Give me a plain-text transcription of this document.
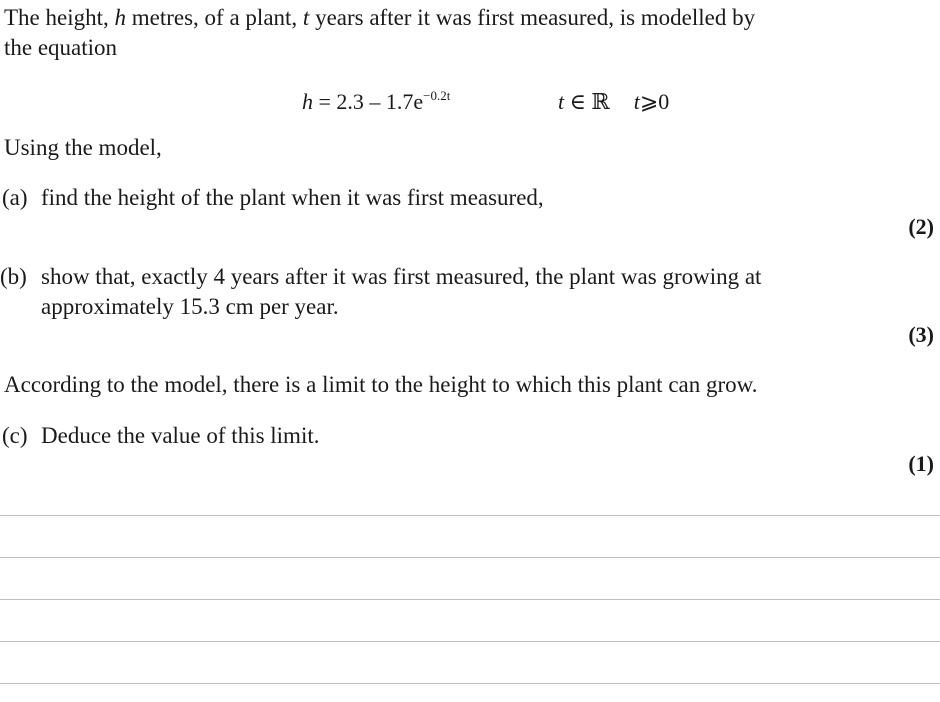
The height, h metres, of a plant, t years after it was first measured, is modelled by
the equation
$h = 2.3 - 1.7e^{-0.2t}$	t ∈ ℝ t⩾0
Using the model,
(a) find the height of the plant when it was first measured,
(2)
(b) show that, exactly 4 years after it was first measured, the plant was growing at
approximately 15.3 cm per year.
(3)
According to the model, there is a limit to the height to which this plant can grow.
(c) Deduce the value of this limit.
(1)
